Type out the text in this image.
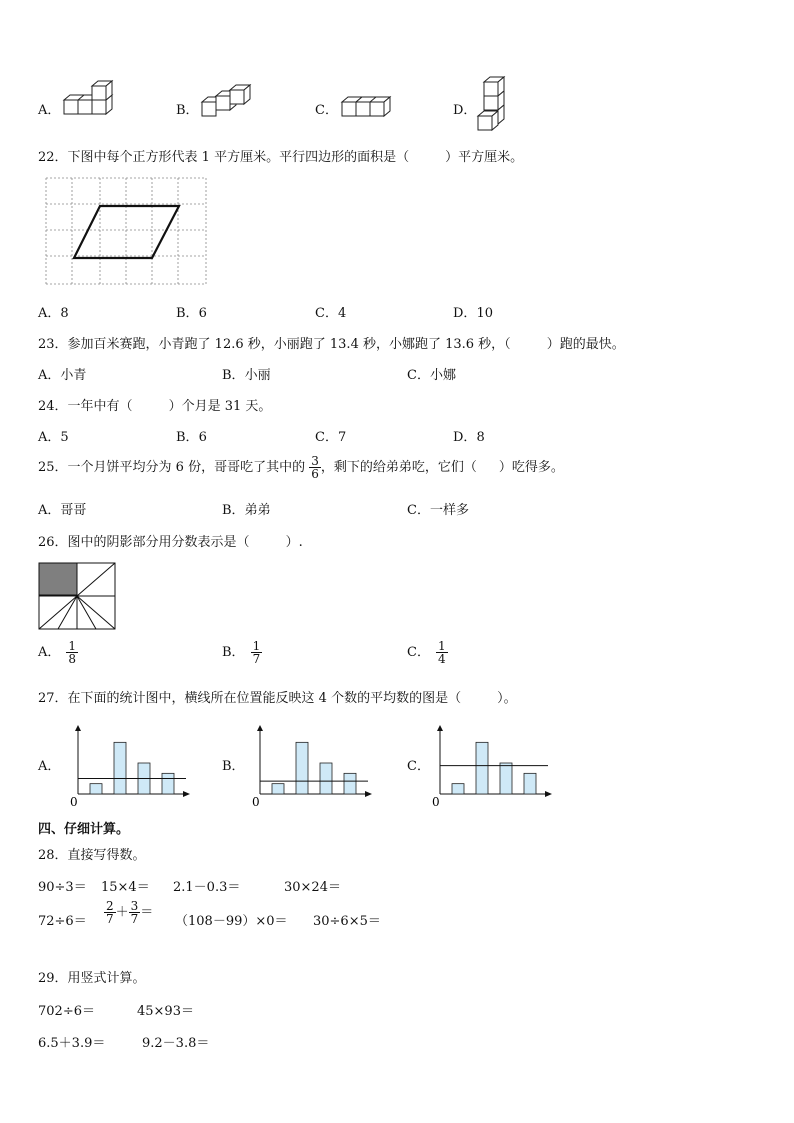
A．	B．	C．	D．
22．下图中每个正方形代表 1 平方厘米。平行四边形的面积是（	）平方厘米。
A．8	B．6	C．4	D．10
23．参加百米赛跑，小青跑了 12.6 秒，小丽跑了 13.4 秒，小娜跑了 13.6 秒，（	）跑的最快。
A．小青	B．小丽	C．小娜
24．一年中有（	）个月是 31 天。
A．5	B．6	C．7	D．8
25．一个月饼平均分为 6 份，哥哥吃了其中的 $\frac{3}{6}$ ，剩下的给弟弟吃，它们（ ）吃得多。
A．哥哥	B．弟弟	C．一样多
26．图中的阴影部分用分数表示是（	）.
A． $\frac{1}{8}$	B． $\frac{1}{7}$	C． $\frac{1}{4}$
27．在下面的统计图中，横线所在位置能反映这 4 个数的平均数的图是（	）。
A．	B．	C．
0	0	0
四、仔细计算。
28．直接写得数。
90÷3＝ 15×4＝ 2.1－0.3＝	30×24＝
$72\div 6= \frac{2}{7} + \frac{3}{7}$ ＝
（108－99）×0＝ 30÷6×5＝
29．用竖式计算。
702÷6＝	45×93＝
6.5＋3.9＝	9.2－3.8＝
